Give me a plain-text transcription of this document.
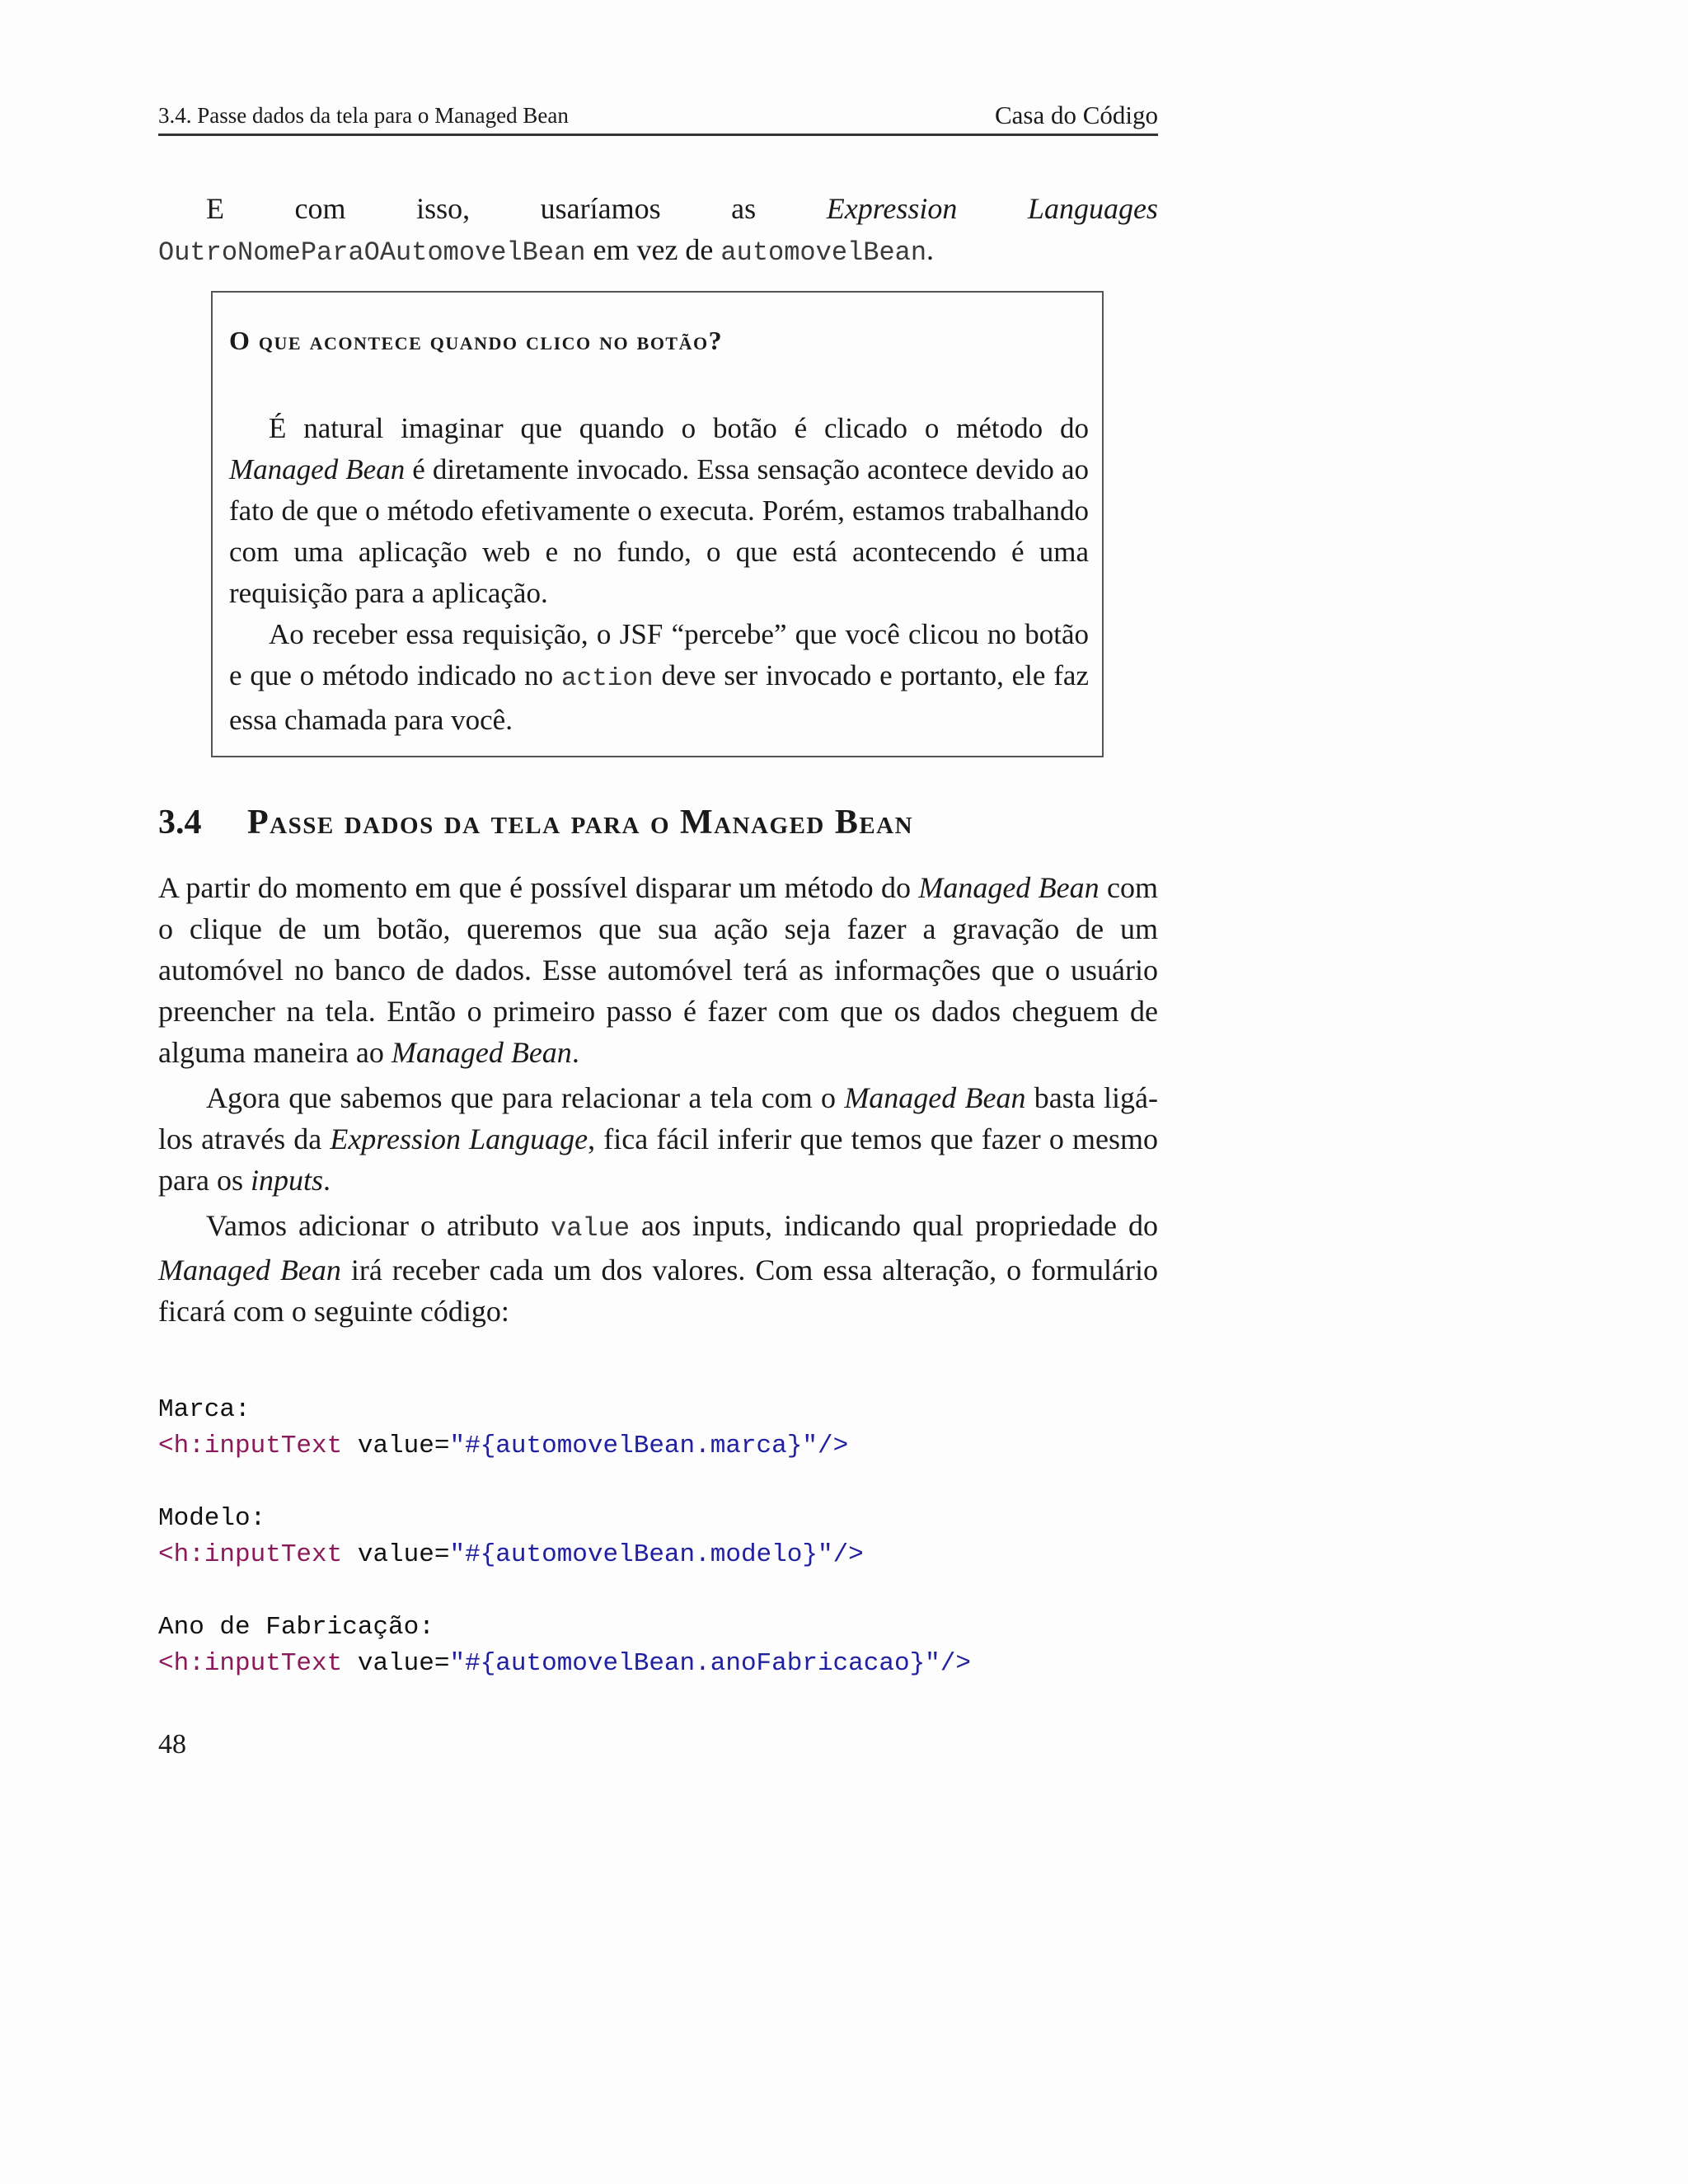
3.4. Passe dados da tela para o Managed Bean	Casa do Código
E com isso, usaríamos as Expression Languages
OutroNomeParaOAutomovelBean em vez de automovelBean.
O que acontece quando clico no botão?

É natural imaginar que quando o botão é clicado o método do Managed Bean é diretamente invocado. Essa sensação acontece devido ao fato de que o método efetivamente o executa. Porém, estamos trabalhando com uma aplicação web e no fundo, o que está acontecendo é uma requisição para a aplicação.

Ao receber essa requisição, o JSF “percebe” que você clicou no botão e que o método indicado no action deve ser invocado e portanto, ele faz essa chamada para você.

3.4 Passe dados da tela para o Managed Bean

A partir do momento em que é possível disparar um método do Managed Bean com o clique de um botão, queremos que sua ação seja fazer a gravação de um automóvel no banco de dados. Esse automóvel terá as informações que o usuário preencher na tela. Então o primeiro passo é fazer com que os dados cheguem de alguma maneira ao Managed Bean.

Agora que sabemos que para relacionar a tela com o Managed Bean basta ligá-los através da Expression Language, fica fácil inferir que temos que fazer o mesmo para os inputs.

Vamos adicionar o atributo value aos inputs, indicando qual propriedade do Managed Bean irá receber cada um dos valores. Com essa alteração, o formulário ficará com o seguinte código:

Marca:
<h:inputText value="#{automovelBean.marca}"/>
Modelo:
<h:inputText value="#{automovelBean.modelo}"/>
Ano de Fabricação:
<h:inputText value="#{automovelBean.anoFabricacao}"/>

48
